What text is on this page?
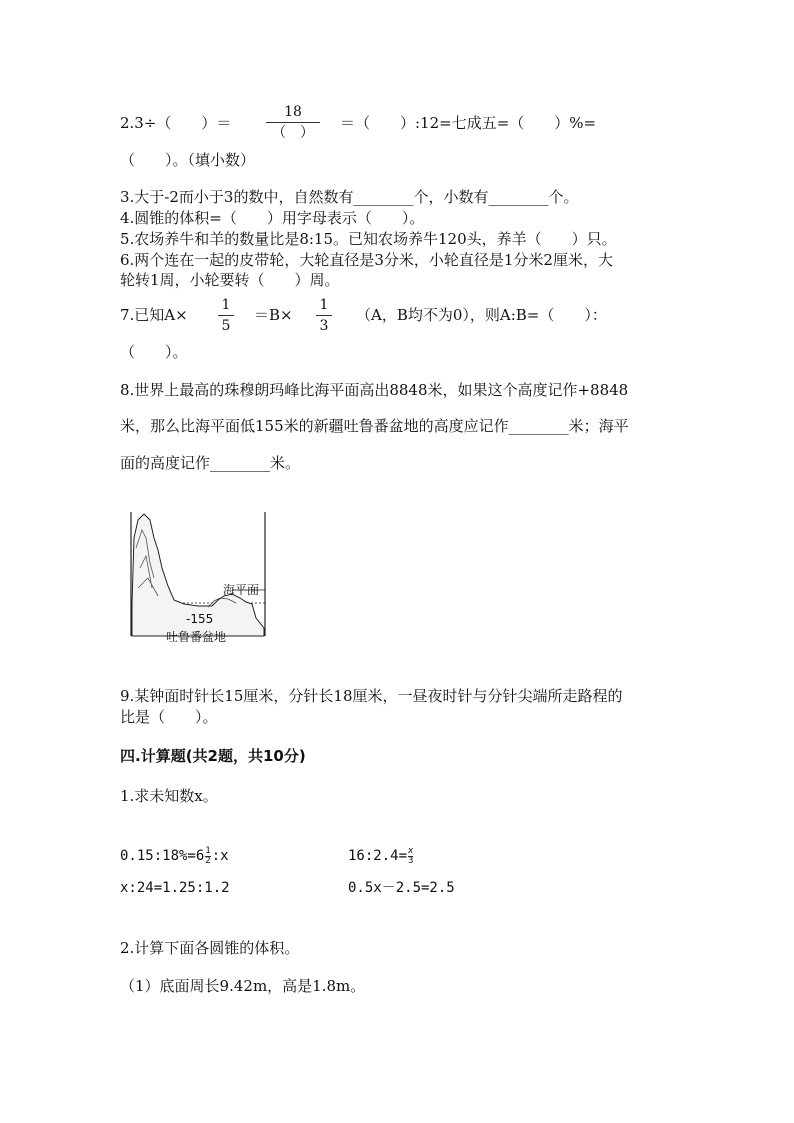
2.3÷（　　）＝
18
（　）
＝（　　）:12=七成五=（　　）%=
（　　）。（填小数）
3.大于-2而小于3的数中，自然数有________个，小数有________个。
4.圆锥的体积=（　　）用字母表示（　　）。
5.农场养牛和羊的数量比是8:15。已知农场养牛120头，养羊（　　）只。
6.两个连在一起的皮带轮，大轮直径是3分米，小轮直径是1分米2厘米，大
轮转1周，小轮要转（　　）周。
7.已知A×
1
5
＝B×
1
3
（A，B均不为0），则A:B=（　　）：
（　　）。
8.世界上最高的珠穆朗玛峰比海平面高出8848米，如果这个高度记作+8848
米，那么比海平面低155米的新疆吐鲁番盆地的高度应记作________米；海平
面的高度记作________米。
海平面
-155
吐鲁番盆地
9.某钟面时针长15厘米，分针长18厘米，一昼夜时针与分针尖端所走路程的
比是（　　）。
四.计算题(共2题，共10分)
1.求未知数x。
$0.15:18\%=6\frac{1}{2}:x$	$16:2.4=\frac{x}{3}$
x:24=1.25:1.2	0.5x－2.5=2.5
2.计算下面各圆锥的体积。
（1）底面周长9.42m，高是1.8m。
